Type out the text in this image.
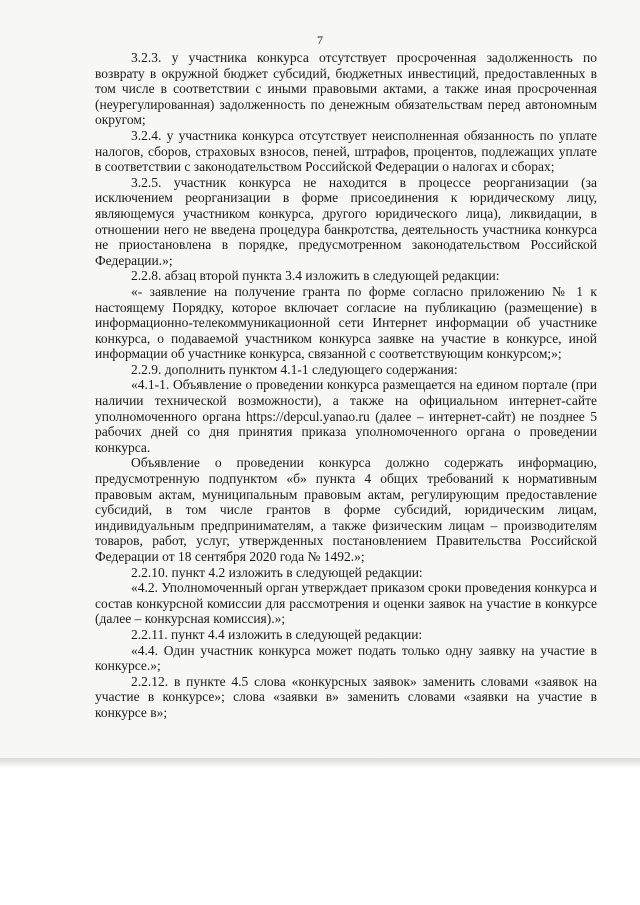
7

3.2.3. у участника конкурса отсутствует просроченная задолженность по возврату в окружной бюджет субсидий, бюджетных инвестиций, предоставленных в том числе в соответствии с иными правовыми актами, а также иная просроченная (неурегулированная) задолженность по денежным обязательствам перед автономным округом;

3.2.4. у участника конкурса отсутствует неисполненная обязанность по уплате налогов, сборов, страховых взносов, пеней, штрафов, процентов, подлежащих уплате в соответствии с законодательством Российской Федерации о налогах и сборах;

3.2.5. участник конкурса не находится в процессе реорганизации (за исключением реорганизации в форме присоединения к юридическому лицу, являющемуся участником конкурса, другого юридического лица), ликвидации, в отношении него не введена процедура банкротства, деятельность участника конкурса не приостановлена в порядке, предусмотренном законодательством Российской Федерации.»;

2.2.8. абзац второй пункта 3.4 изложить в следующей редакции:

«- заявление на получение гранта по форме согласно приложению № 1 к настоящему Порядку, которое включает согласие на публикацию (размещение) в информационно-телекоммуникационной сети Интернет информации об участнике конкурса, о подаваемой участником конкурса заявке на участие в конкурсе, иной информации об участнике конкурса, связанной с соответствующим конкурсом;»;

2.2.9. дополнить пунктом 4.1-1 следующего содержания:

«4.1-1. Объявление о проведении конкурса размещается на едином портале (при наличии технической возможности), а также на официальном интернет-сайте уполномоченного органа https://depcul.yanao.ru (далее – интернет-сайт) не позднее 5 рабочих дней со дня принятия приказа уполномоченного органа о проведении конкурса.

Объявление о проведении конкурса должно содержать информацию, предусмотренную подпунктом «б» пункта 4 общих требований к нормативным правовым актам, муниципальным правовым актам, регулирующим предоставление субсидий, в том числе грантов в форме субсидий, юридическим лицам, индивидуальным предпринимателям, а также физическим лицам – производителям товаров, работ, услуг, утвержденных постановлением Правительства Российской Федерации от 18 сентября 2020 года № 1492.»;

2.2.10. пункт 4.2 изложить в следующей редакции:

«4.2. Уполномоченный орган утверждает приказом сроки проведения конкурса и состав конкурсной комиссии для рассмотрения и оценки заявок на участие в конкурсе (далее – конкурсная комиссия).»;

2.2.11. пункт 4.4 изложить в следующей редакции:

«4.4. Один участник конкурса может подать только одну заявку на участие в конкурсе.»;

2.2.12. в пункте 4.5 слова «конкурсных заявок» заменить словами «заявок на участие в конкурсе»; слова «заявки в» заменить словами «заявки на участие в конкурсе в»;
